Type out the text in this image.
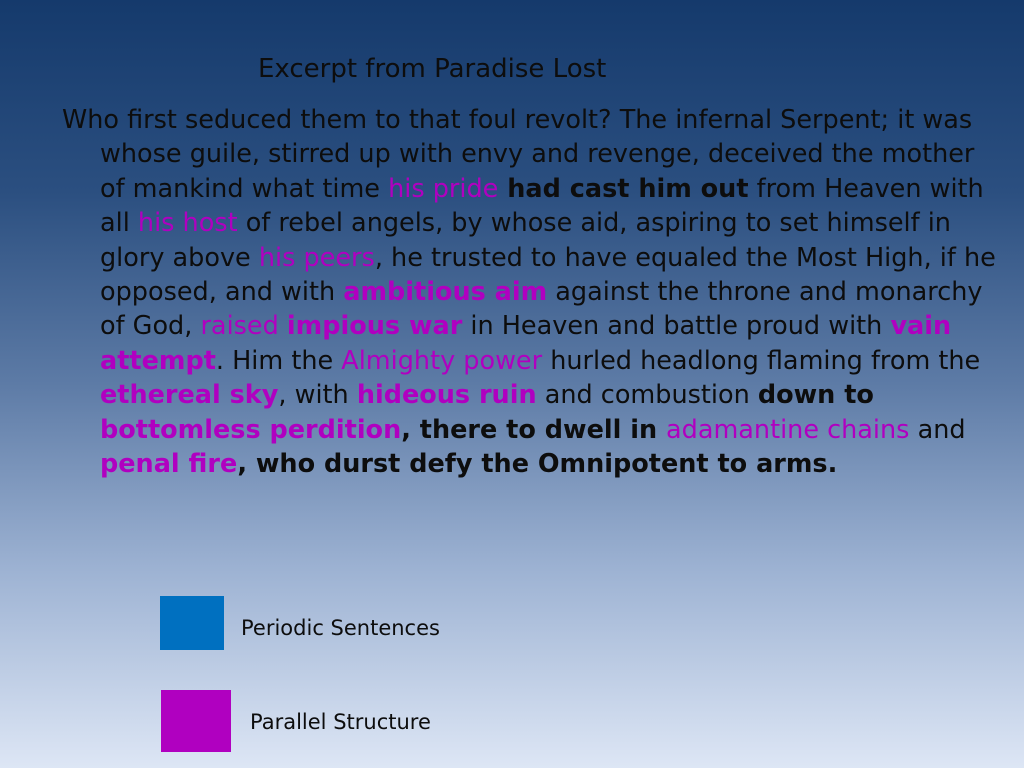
Excerpt from Paradise Lost

Who first seduced them to that foul revolt? The infernal Serpent; it was whose guile, stirred up with envy and revenge, deceived the mother of mankind what time his pride had cast him out from Heaven with all his host of rebel angels, by whose aid, aspiring to set himself in glory above his peers, he trusted to have equaled the Most High, if he opposed, and with ambitious aim against the throne and monarchy of God, raised impious war in Heaven and battle proud with vain attempt. Him the Almighty power hurled headlong flaming from the ethereal sky, with hideous ruin and combustion down to bottomless perdition, there to dwell in adamantine chains and penal fire, who durst defy the Omnipotent to arms.

Periodic Sentences
Parallel Structure
